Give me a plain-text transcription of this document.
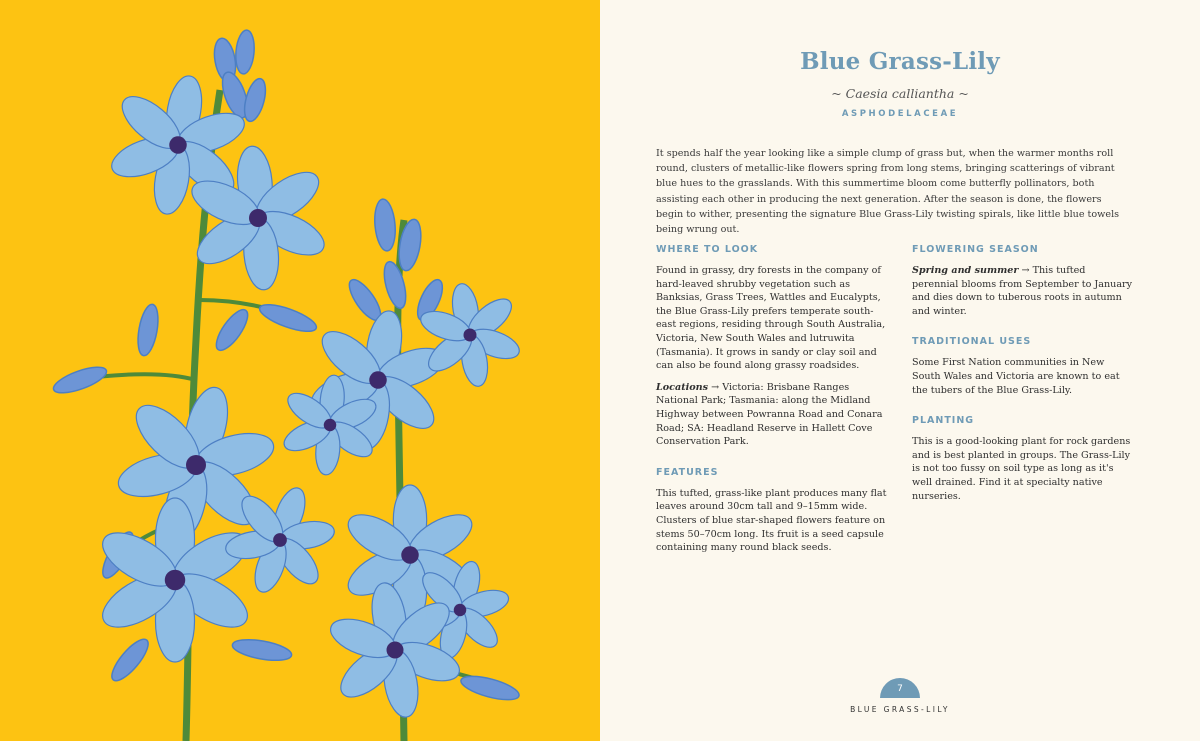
Blue Grass-Lily
~ Caesia calliantha ~
ASPHODELACEAE

It spends half the year looking like a simple clump of grass but, when the warmer months roll round, clusters of metallic-like flowers spring from long stems, bringing scatterings of vibrant blue hues to the grasslands. With this summertime bloom come butterfly pollinators, both assisting each other in producing the next generation. After the season is done, the flowers begin to wither, presenting the signature Blue Grass-Lily twisting spirals, like little blue towels being wrung out.

WHERE TO LOOK

Found in grassy, dry forests in the company of hard-leaved shrubby vegetation such as Banksias, Grass Trees, Wattles and Eucalypts, the Blue Grass-Lily prefers temperate south-east regions, residing through South Australia, Victoria, New South Wales and lutruwita (Tasmania). It grows in sandy or clay soil and can also be found along grassy roadsides.

Locations → Victoria: Brisbane Ranges National Park; Tasmania: along the Midland Highway between Powranna Road and Conara Road; SA: Headland Reserve in Hallett Cove Conservation Park.

FEATURES

This tufted, grass-like plant produces many flat leaves around 30cm tall and 9–15mm wide. Clusters of blue star-shaped flowers feature on stems 50–70cm long. Its fruit is a seed capsule containing many round black seeds.

FLOWERING SEASON

Spring and summer → This tufted perennial blooms from September to January and dies down to tuberous roots in autumn and winter.

TRADITIONAL USES

Some First Nation communities in New South Wales and Victoria are known to eat the tubers of the Blue Grass-Lily.

PLANTING

This is a good-looking plant for rock gardens and is best planted in groups. The Grass-Lily is not too fussy on soil type as long as it's well drained. Find it at specialty native nurseries.

7
BLUE GRASS-LILY
